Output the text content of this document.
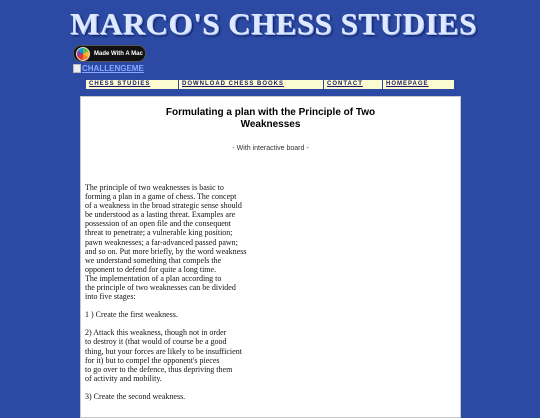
MARCO'S CHESS STUDIES
Made With A Mac
CHALLENGEME
CHESS STUDIES	DOWNLOAD CHESS BOOKS	CONTACT	HOMEPAGE
Formulating a plan with the Principle of Two
Weaknesses
- With interactive board -

The principle of two weaknesses is basic to

forming a plan in a game of chess. The concept

of a weakness in the broad strategic sense should

be understood as a lasting threat. Examples are

possession of an open file and the consequent

threat to penetrate; a vulnerable king position;

pawn weaknesses; a far-advanced passed pawn;

and so on. Put more briefly, by the word weakness

we understand something that compels the

opponent to defend for quite a long time.

The implementation of a plan according to

the principle of two weaknesses can be divided

into five stages:

1 ) Create the first weakness.

2) Attack this weakness, though not in order

to destroy it (that would of course be a good

thing, but your forces are likely to be insufficient

for it) but to compel the opponent's pieces

to go over to the defence, thus depriving them

of activity and mobility.

3) Create the second weakness.
